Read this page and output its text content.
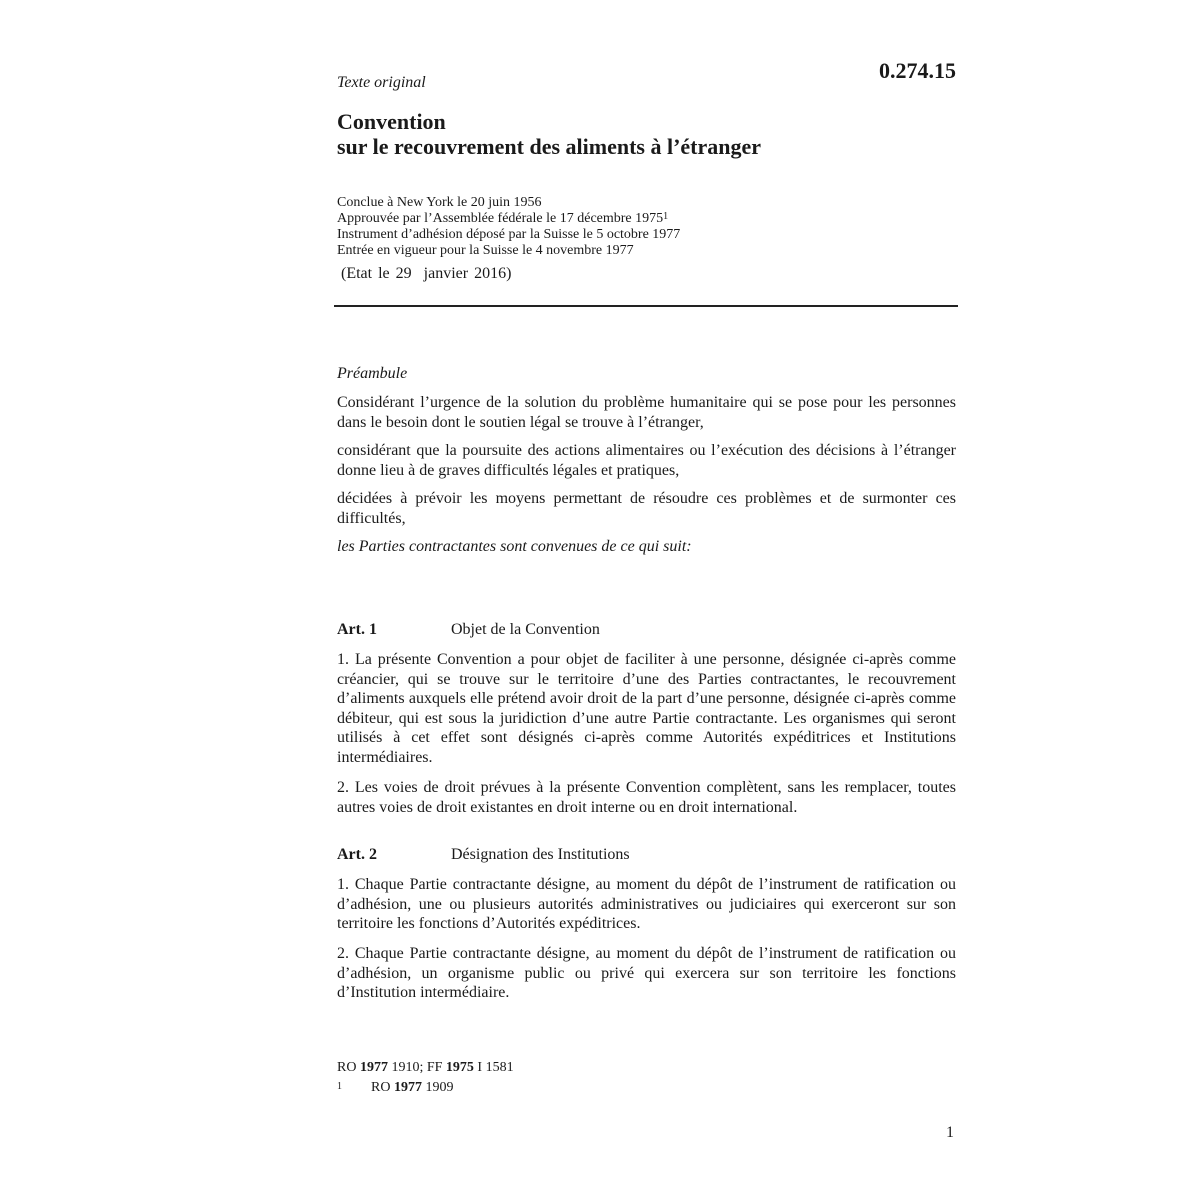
0.274.15
Texte original
Convention
sur le recouvrement des aliments à l’étranger
Conclue à New York le 20 juin 1956
Approuvée par l’Assemblée fédérale le 17 décembre 1975$^1$
Instrument d’adhésion déposé par la Suisse le 5 octobre 1977
Entrée en vigueur pour la Suisse le 4 novembre 1977
(Etat le 29  janvier 2016)
Préambule
Considérant l’urgence de la solution du problème humanitaire qui se pose pour les personnes dans le besoin dont le soutien légal se trouve à l’étranger,
considérant que la poursuite des actions alimentaires ou l’exécution des décisions à l’étranger donne lieu à de graves difficultés légales et pratiques,
décidées à prévoir les moyens permettant de résoudre ces problèmes et de surmonter ces difficultés,
les Parties contractantes sont convenues de ce qui suit:
Art. 1	Objet de la Convention
1. La présente Convention a pour objet de faciliter à une personne, désignée ci-après comme créancier, qui se trouve sur le territoire d’une des Parties contractantes, le recouvrement d’aliments auxquels elle prétend avoir droit de la part d’une personne, désignée ci-après comme débiteur, qui est sous la juridiction d’une autre Partie contractante. Les organismes qui seront utilisés à cet effet sont désignés ci-après comme Autorités expéditrices et Institutions intermédiaires.
2. Les voies de droit prévues à la présente Convention complètent, sans les remplacer, toutes autres voies de droit existantes en droit interne ou en droit international.
Art. 2	Désignation des Institutions
1. Chaque Partie contractante désigne, au moment du dépôt de l’instrument de ratification ou d’adhésion, une ou plusieurs autorités administratives ou judiciaires qui exerceront sur son territoire les fonctions d’Autorités expéditrices.
2. Chaque Partie contractante désigne, au moment du dépôt de l’instrument de ratification ou d’adhésion, un organisme public ou privé qui exercera sur son territoire les fonctions d’Institution intermédiaire.
RO 1977 1910; FF 1975 I 1581
1 RO 1977 1909
1
